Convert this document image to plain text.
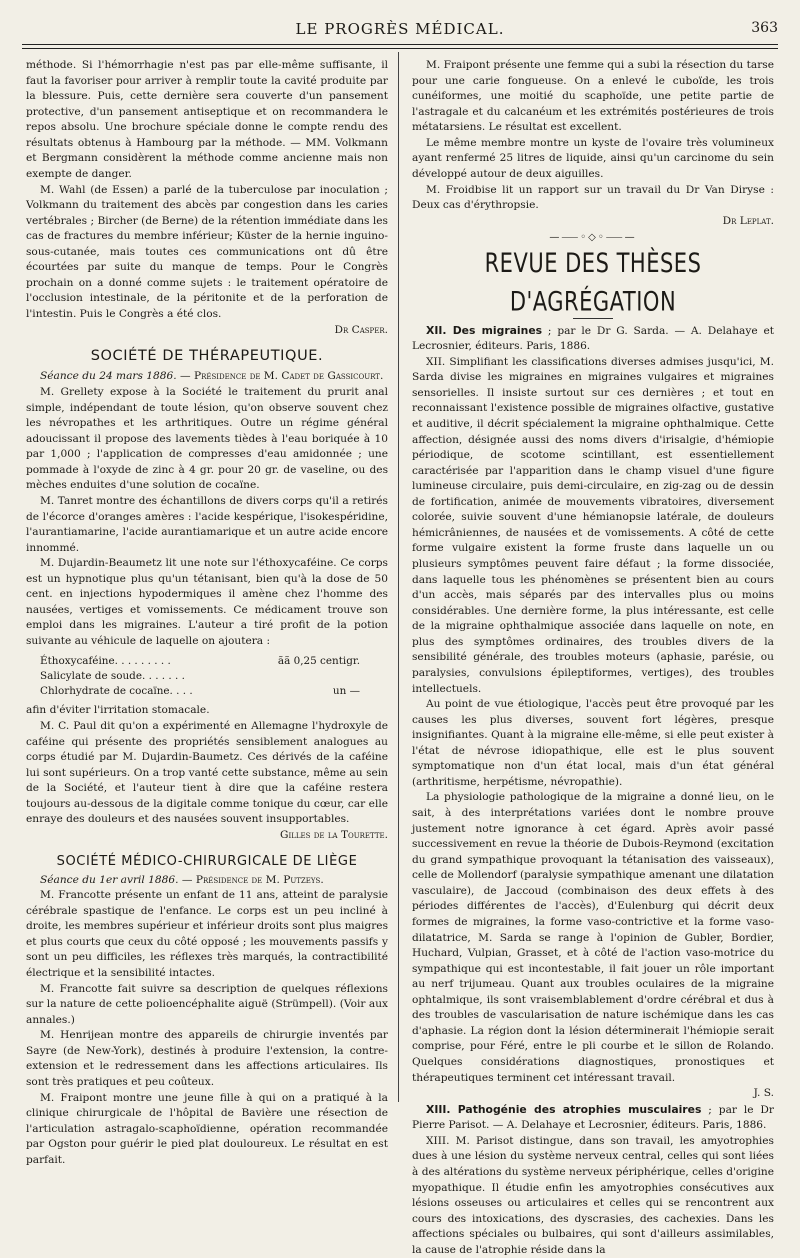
LE PROGRÈS MÉDICAL.	363

méthode. Si l'hémorrhagie n'est pas par elle-même suffisante, il faut la favoriser pour arriver à remplir toute la cavité produite par la blessure. Puis, cette dernière sera couverte d'un pansement protective, d'un pansement antiseptique et on recommandera le repos absolu. Une brochure spéciale donne le compte rendu des résultats obtenus à Hambourg par la méthode. — MM. Volkmann et Bergmann considèrent la méthode comme ancienne mais non exempte de danger.

M. Wahl (de Essen) a parlé de la tuberculose par inoculation ; Volkmann du traitement des abcès par congestion dans les caries vertébrales ; Bircher (de Berne) de la rétention immédiate dans les cas de fractures du membre inférieur; Küster de la hernie inguino-sous-cutanée, mais toutes ces communications ont dû être écourtées par suite du manque de temps. Pour le Congrès prochain on a donné comme sujets : le traitement opératoire de l'occlusion intestinale, de la péritonite et de la perforation de l'intestin. Puis le Congrès a été clos.

Dr Casper.

SOCIÉTÉ DE THÉRAPEUTIQUE.

Séance du 24 mars 1886. — Présidence de M. Cadet de Gassicourt.

M. Grellety expose à la Société le traitement du prurit anal simple, indépendant de toute lésion, qu'on observe souvent chez les névropathes et les arthritiques. Outre un régime général adoucissant il propose des lavements tièdes à l'eau boriquée à 10 par 1,000 ; l'application de compresses d'eau amidonnée ; une pommade à l'oxyde de zinc à 4 gr. pour 20 gr. de vaseline, ou des mèches enduites d'une solution de cocaïne.

M. Tanret montre des échantillons de divers corps qu'il a retirés de l'écorce d'oranges amères : l'acide kespérique, l'isokespéridine, l'aurantiamarine, l'acide aurantiamarique et un autre acide encore innommé.

M. Dujardin-Beaumetz lit une note sur l'éthoxycaféine. Ce corps est un hypnotique plus qu'un tétanisant, bien qu'à la dose de 50 cent. en injections hypodermiques il amène chez l'homme des nausées, vertiges et vomissements. Ce médicament trouve son emploi dans les migraines. L'auteur a tiré profit de la potion suivante au véhicule de laquelle on ajoutera :

Éthoxycaféine. . . . . . . . .	ãã 0,25 centigr.
Salicylate de soude. . . . . . .
Chlorhydrate de cocaïne. . . .	un —

afin d'éviter l'irritation stomacale.

M. C. Paul dit qu'on a expérimenté en Allemagne l'hydroxyle de caféine qui présente des propriétés sensiblement analogues au corps étudié par M. Dujardin-Baumetz. Ces dérivés de la caféine lui sont supérieurs. On a trop vanté cette substance, même au sein de la Société, et l'auteur tient à dire que la caféine restera toujours au-dessous de la digitale comme tonique du cœur, car elle enraye des douleurs et des nausées souvent insupportables.

Gilles de la Tourette.

SOCIÉTÉ MÉDICO-CHIRURGICALE DE LIÈGE

Séance du 1er avril 1886. — Présidence de M. Putzeys.

M. Francotte présente un enfant de 11 ans, atteint de paralysie cérébrale spastique de l'enfance. Le corps est un peu incliné à droite, les membres supérieur et inférieur droits sont plus maigres et plus courts que ceux du côté opposé ; les mouvements passifs y sont un peu difficiles, les réflexes très marqués, la contractibilité électrique et la sensibilité intactes.

M. Francotte fait suivre sa description de quelques réflexions sur la nature de cette polioencéphalite aiguë (Strümpell). (Voir aux annales.)

M. Henrijean montre des appareils de chirurgie inventés par Sayre (de New-York), destinés à produire l'extension, la contre-extension et le redressement dans les affections articulaires. Ils sont très pratiques et peu coûteux.

M. Fraipont montre une jeune fille à qui on a pratiqué à la clinique chirurgicale de l'hôpital de Bavière une résection de l'articulation astragalo-scaphoïdienne, opération recommandée par Ogston pour guérir le pied plat douloureux. Le résultat en est parfait.

M. Fraipont présente une femme qui a subi la résection du tarse pour une carie fongueuse. On a enlevé le cuboïde, les trois cunéiformes, une moitié du scaphoïde, une petite partie de l'astragale et du calcanéum et les extrémités postérieures de trois métatarsiens. Le résultat est excellent.

Le même membre montre un kyste de l'ovaire très volumineux ayant renfermé 25 litres de liquide, ainsi qu'un carcinome du sein développé autour de deux aiguilles.

M. Froidbise lit un rapport sur un travail du Dr Van Diryse : Deux cas d'érythropsie.

Dr Leplat.

—⸺◦◇◦⸺—
REVUE DES THÈSES D'AGRÉGATION

XII. Des migraines ; par le Dr G. Sarda. — A. Delahaye et Lecrosnier, éditeurs. Paris, 1886.

XII. Simplifiant les classifications diverses admises jusqu'ici, M. Sarda divise les migraines en migraines vulgaires et migraines sensorielles. Il insiste surtout sur ces dernières ; et tout en reconnaissant l'existence possible de migraines olfactive, gustative et auditive, il décrit spécialement la migraine ophthalmique. Cette affection, désignée aussi des noms divers d'irisalgie, d'hémiopie périodique, de scotome scintillant, est essentiellement caractérisée par l'apparition dans le champ visuel d'une figure lumineuse circulaire, puis demi-circulaire, en zig-zag ou de dessin de fortification, animée de mouvements vibratoires, diversement colorée, suivie souvent d'une hémianopsie latérale, de douleurs hémicrâniennes, de nausées et de vomissements. A côté de cette forme vulgaire existent la forme fruste dans laquelle un ou plusieurs symptômes peuvent faire défaut ; la forme dissociée, dans laquelle tous les phénomènes se présentent bien au cours d'un accès, mais séparés par des intervalles plus ou moins considérables. Une dernière forme, la plus intéressante, est celle de la migraine ophthalmique associée dans laquelle on note, en plus des symptômes ordinaires, des troubles divers de la sensibilité générale, des troubles moteurs (aphasie, parésie, ou paralysies, convulsions épileptiformes, vertiges), des troubles intellectuels.

Au point de vue étiologique, l'accès peut être provoqué par les causes les plus diverses, souvent fort légères, presque insignifiantes. Quant à la migraine elle-même, si elle peut exister à l'état de névrose idiopathique, elle est le plus souvent symptomatique non d'un état local, mais d'un état général (arthritisme, herpétisme, névropathie).

La physiologie pathologique de la migraine a donné lieu, on le sait, à des interprétations variées dont le nombre prouve justement notre ignorance à cet égard. Après avoir passé successivement en revue la théorie de Dubois-Reymond (excitation du grand sympathique provoquant la tétanisation des vaisseaux), celle de Mollendorf (paralysie sympathique amenant une dilatation vasculaire), de Jaccoud (combinaison des deux effets à des périodes différentes de l'accès), d'Eulenburg qui décrit deux formes de migraines, la forme vaso-contrictive et la forme vaso-dilatatrice, M. Sarda se range à l'opinion de Gubler, Bordier, Huchard, Vulpian, Grasset, et à côté de l'action vaso-motrice du sympathique qui est incontestable, il fait jouer un rôle important au nerf trijumeau. Quant aux troubles oculaires de la migraine ophtalmique, ils sont vraisemblablement d'ordre cérébral et dus à des troubles de vascularisation de nature ischémique dans les cas d'aphasie. La région dont la lésion déterminerait l'hémiopie serait comprise, pour Féré, entre le pli courbe et le sillon de Rolando. Quelques considérations diagnostiques, pronostiques et thérapeutiques terminent cet intéressant travail.

J. S.

XIII. Pathogénie des atrophies musculaires ; par le Dr Pierre Parisot. — A. Delahaye et Lecrosnier, éditeurs. Paris, 1886.

XIII. M. Parisot distingue, dans son travail, les amyotrophies dues à une lésion du système nerveux central, celles qui sont liées à des altérations du système nerveux périphérique, celles d'origine myopathique. Il étudie enfin les amyotrophies consécutives aux lésions osseuses ou articulaires et celles qui se rencontrent aux cours des intoxications, des dyscrasies, des cachexies. Dans les affections spéciales ou bulbaires, qui sont d'ailleurs assimilables, la cause de l'atrophie réside dans la
